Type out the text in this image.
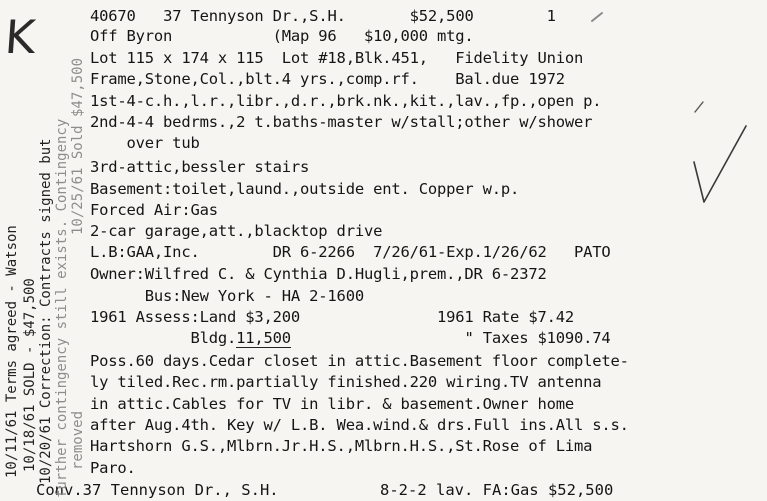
K	40670 37 Tennyson Dr.,S.H.	$52,500	1
Off Byron           (Map 96   $10,000 mtg.
Lot 115 x 174 x 115  Lot #18,Blk.451,   Fidelity Union
Frame,Stone,Col.,blt.4 yrs.,comp.rf.    Bal.due 1972
1st-4-c.h.,l.r.,libr.,d.r.,brk.nk.,kit.,lav.,fp.,open p.
2nd-4-4 bedrms.,2 t.baths-master w/stall;other w/shower
over tub
3rd-attic,bessler stairs
Basement:toilet,laund.,outside ent. Copper w.p.
Forced Air:Gas
2-car garage,att.,blacktop drive
L.B:GAA,Inc.        DR 6-2266  7/26/61-Exp.1/26/62   PATO
Owner:Wilfred C. & Cynthia D.Hugli,prem.,DR 6-2372
Bus:New York - HA 2-1600
1961 Assess:Land $3,200               1961 Rate $7.42
Bldg.11,500	" Taxes $1090.74
Poss.60 days.Cedar closet in attic.Basement floor complete-
ly tiled.Rec.rm.partially finished.220 wiring.TV antenna
in attic.Cables for TV in libr. & basement.Owner home
after Aug.4th. Key w/ L.B. Wea.wind.& drs.Full ins.All s.s.
Hartshorn G.S.,Mlbrn.Jr.H.S.,Mlbrn.H.S.,St.Rose of Lima
Paro.
Conv.37 Tennyson Dr., S.H.	8-2-2 lav. FA:Gas $52,500
10/11/61 Terms agreed - Watson 10/18/61 SOLD - $47,500 10/20/61 Correction: Contracts signed but further contingency still exists. Contingency removed
10/25/61 Sold $47,500
